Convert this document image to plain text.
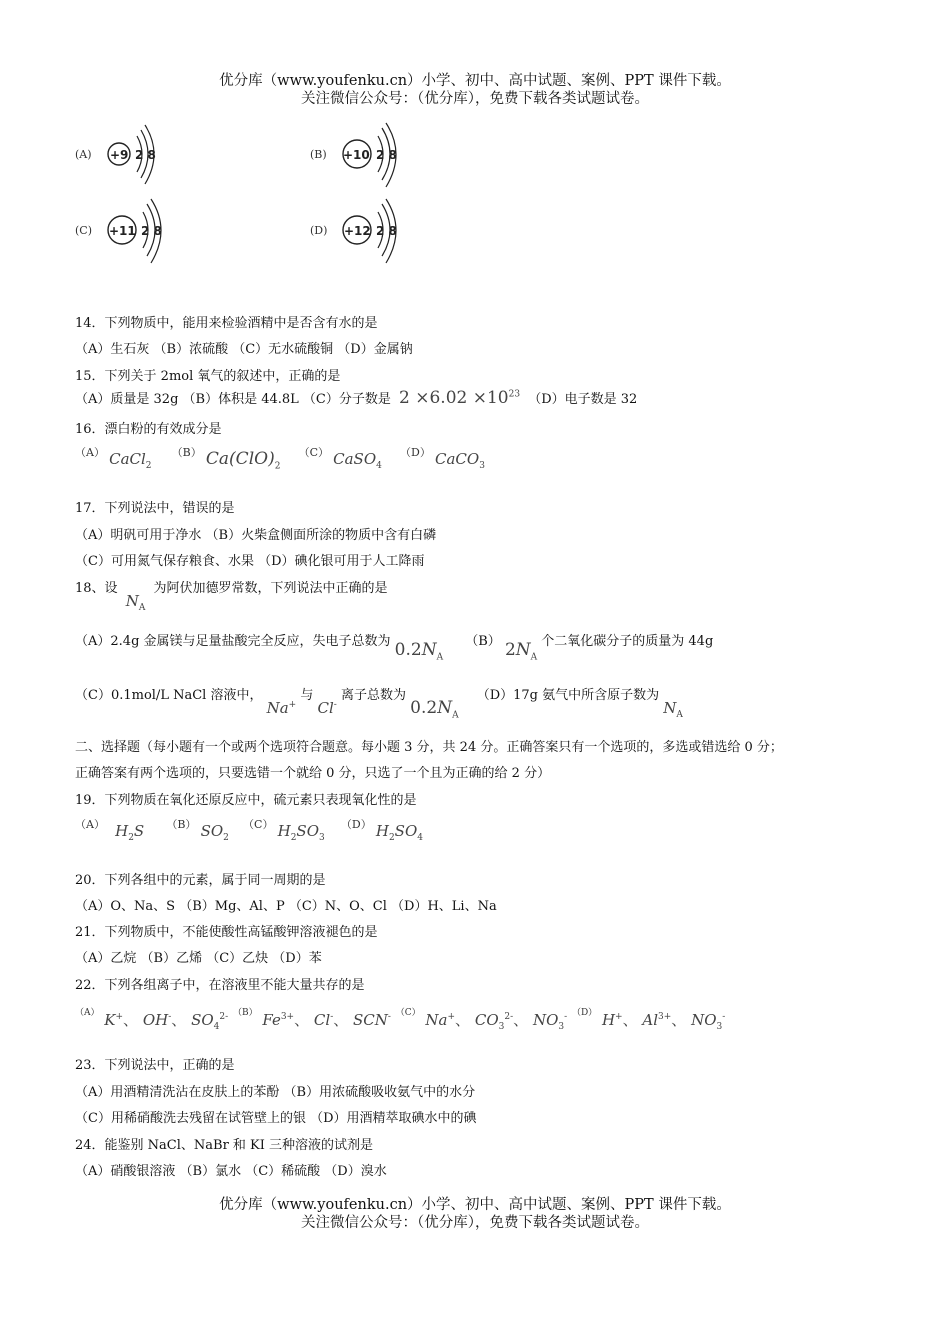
优分库（www.youfenku.cn）小学、初中、高中试题、案例、PPT 课件下载。
关注微信公众号：（优分库），免费下载各类试题试卷。
(A) +9 2 8	(B) +10 2 8
(C) +11 2 8	(D) +12 2 8
14．下列物质中，能用来检验酒精中是否含有水的是
（A）生石灰 （B）浓硫酸 （C）无水硫酸铜 （D）金属钠
15．下列关于 2mol 氧气的叙述中，正确的是
（A）质量是 32g （B）体积是 44.8L （C）分子数是 $2 \times 6.02 \times 10^{23}$ （D）电子数是 32
16．漂白粉的有效成分是
$^{(A)}$ CaCl$_2$ $^{(B)}$ $Ca(ClO)_2$ $^{(C)}$ CaSO$_4$ $^{(D)}$ CaCO$_3$
17．下列说法中，错误的是
（A）明矾可用于净水 （B）火柴盒侧面所涂的物质中含有白磷
（C）可用氮气保存粮食、水果 （D）碘化银可用于人工降雨
18、设 $N_A$ 为阿伏加德罗常数，下列说法中正确的是
（A）2.4g 金属镁与足量盐酸完全反应，失电子总数为 $0.2N_A$ （B） $2N_A$ 个二氧化碳分子的质量为 44g
（C）0.1mol/L NaCl 溶液中， Na+ 与 Cl- 离子总数为 $0.2N_A$ （D）17g 氨气中所含原子数为 $N_A$
二、选择题（每小题有一个或两个选项符合题意。每小题 3 分，共 24 分。正确答案只有一个选项的，多选或错选给 0 分；
正确答案有两个选项的，只要选错一个就给 0 分，只选了一个且为正确的给 2 分）
19．下列物质在氧化还原反应中，硫元素只表现氧化性的是
$^{(A)}$ $H_2S$ $^{(B)}$ $SO_2$ $^{(C)}$ $H_2SO_3$ $^{(D)}$ $H_2SO_4$
20．下列各组中的元素，属于同一周期的是
（A）O、Na、S （B）Mg、Al、P （C）N、O、Cl （D）H、Li、Na
21．下列物质中，不能使酸性高锰酸钾溶液褪色的是
（A）乙烷 （B）乙烯 （C）乙炔 （D）苯
22．下列各组离子中，在溶液里不能大量共存的是
$^{(A)}$ K+、 OH-、 $SO_4^{2-}$ $^{(B)}$ $Fe^{3+}$、 Cl-、 SCN- $^{(C)}$ Na+、 $CO_3^{2-}$、 $NO_3^-$ $^{(D)}$ H+、 $Al^{3+}$、 $NO_3^-$
23．下列说法中，正确的是
（A）用酒精清洗沾在皮肤上的苯酚 （B）用浓硫酸吸收氨气中的水分
（C）用稀硝酸洗去残留在试管壁上的银 （D）用酒精萃取碘水中的碘
24．能鉴别 NaCl、NaBr 和 KI 三种溶液的试剂是
（A）硝酸银溶液 （B）氯水 （C）稀硫酸 （D）溴水
优分库（www.youfenku.cn）小学、初中、高中试题、案例、PPT 课件下载。
关注微信公众号：（优分库），免费下载各类试题试卷。
